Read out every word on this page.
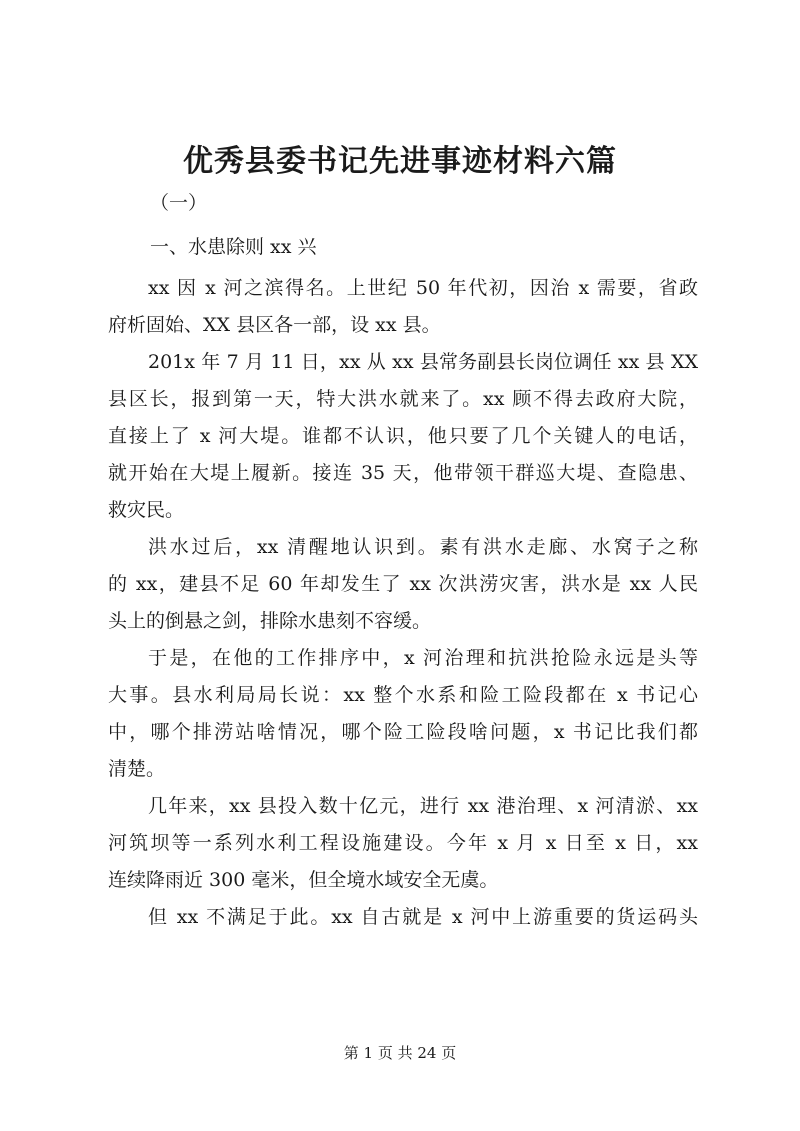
优秀县委书记先进事迹材料六篇
（一）
一、水患除则 xx 兴
xx 因 x 河之滨得名。上世纪 50 年代初，因治 x 需要，省政
府析固始、XX 县区各一部，设 xx 县。
201x 年 7 月 11 日，xx 从 xx 县常务副县长岗位调任 xx 县 XX
县区长，报到第一天，特大洪水就来了。xx 顾不得去政府大院，
直接上了 x 河大堤。谁都不认识，他只要了几个关键人的电话，
就开始在大堤上履新。接连 35 天，他带领干群巡大堤、查隐患、
救灾民。
洪水过后，xx 清醒地认识到。素有洪水走廊、水窝子之称
的 xx，建县不足 60 年却发生了 xx 次洪涝灾害，洪水是 xx 人民
头上的倒悬之剑，排除水患刻不容缓。
于是，在他的工作排序中，x 河治理和抗洪抢险永远是头等
大事。县水利局局长说：xx 整个水系和险工险段都在 x 书记心
中，哪个排涝站啥情况，哪个险工险段啥问题，x 书记比我们都
清楚。
几年来，xx 县投入数十亿元，进行 xx 港治理、x 河清淤、xx
河筑坝等一系列水利工程设施建设。今年 x 月 x 日至 x 日，xx
连续降雨近 300 毫米，但全境水域安全无虞。
但 xx 不满足于此。xx 自古就是 x 河中上游重要的货运码头
第 1 页 共 24 页
